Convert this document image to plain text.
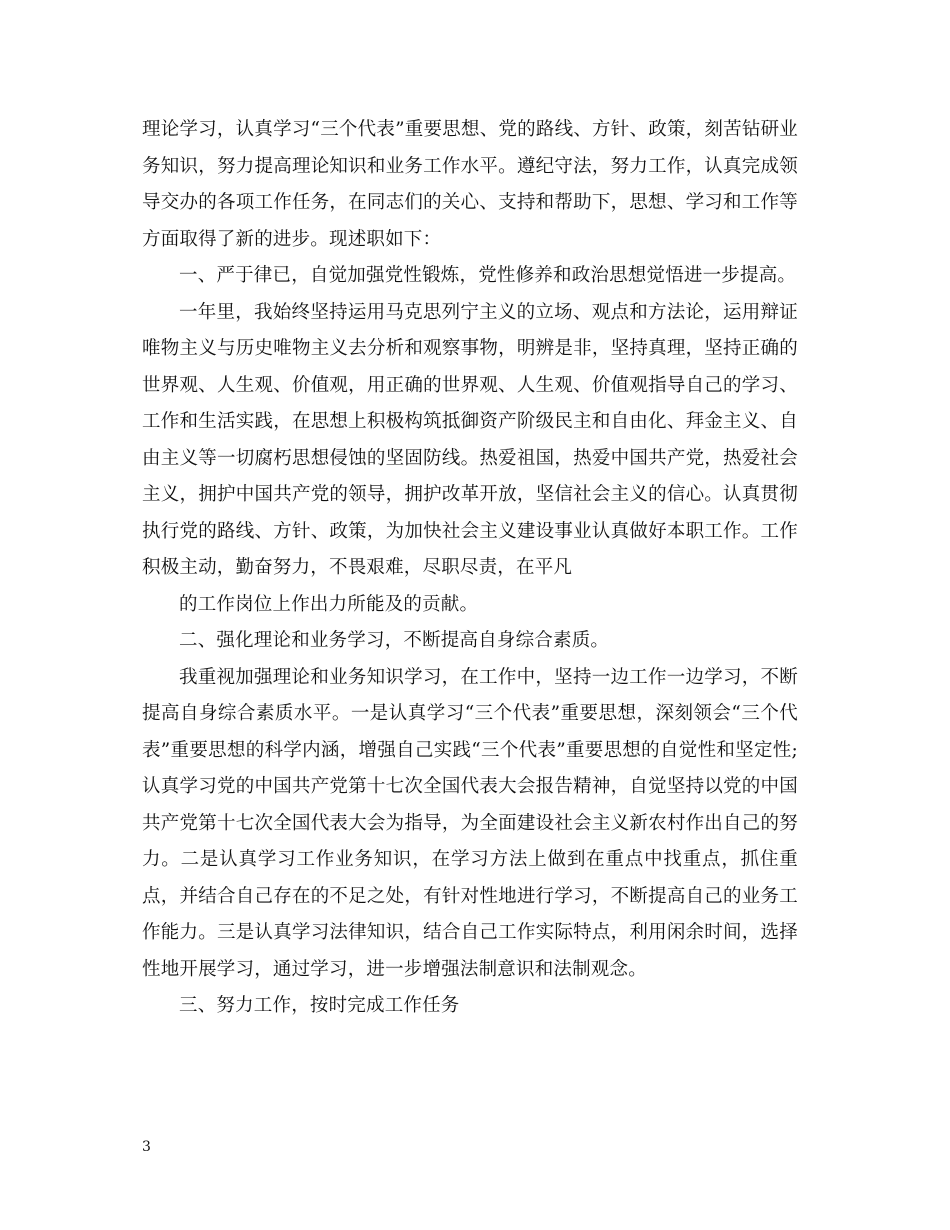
理论学习，认真学习“三个代表”重要思想、党的路线、方针、政策，刻苦钻研业务知识，努力提高理论知识和业务工作水平。遵纪守法，努力工作，认真完成领导交办的各项工作任务，在同志们的关心、支持和帮助下，思想、学习和工作等方面取得了新的进步。现述职如下：

一、严于律已，自觉加强党性锻炼，党性修养和政治思想觉悟进一步提高。

一年里，我始终坚持运用马克思列宁主义的立场、观点和方法论，运用辩证唯物主义与历史唯物主义去分析和观察事物，明辨是非，坚持真理，坚持正确的世界观、人生观、价值观，用正确的世界观、人生观、价值观指导自己的学习、工作和生活实践，在思想上积极构筑抵御资产阶级民主和自由化、拜金主义、自由主义等一切腐朽思想侵蚀的坚固防线。热爱祖国，热爱中国共产党，热爱社会主义，拥护中国共产党的领导，拥护改革开放，坚信社会主义的信心。认真贯彻执行党的路线、方针、政策，为加快社会主义建设事业认真做好本职工作。工作积极主动，勤奋努力，不畏艰难，尽职尽责，在平凡

的工作岗位上作出力所能及的贡献。

二、强化理论和业务学习，不断提高自身综合素质。

我重视加强理论和业务知识学习，在工作中，坚持一边工作一边学习，不断提高自身综合素质水平。一是认真学习“三个代表”重要思想，深刻领会“三个代表”重要思想的科学内涵，增强自己实践“三个代表”重要思想的自觉性和坚定性;认真学习党的中国共产党第十七次全国代表大会报告精神，自觉坚持以党的中国共产党第十七次全国代表大会为指导，为全面建设社会主义新农村作出自己的努力。二是认真学习工作业务知识，在学习方法上做到在重点中找重点，抓住重点，并结合自己存在的不足之处，有针对性地进行学习，不断提高自己的业务工作能力。三是认真学习法律知识，结合自己工作实际特点，利用闲余时间，选择性地开展学习，通过学习，进一步增强法制意识和法制观念。

三、努力工作，按时完成工作任务

3
